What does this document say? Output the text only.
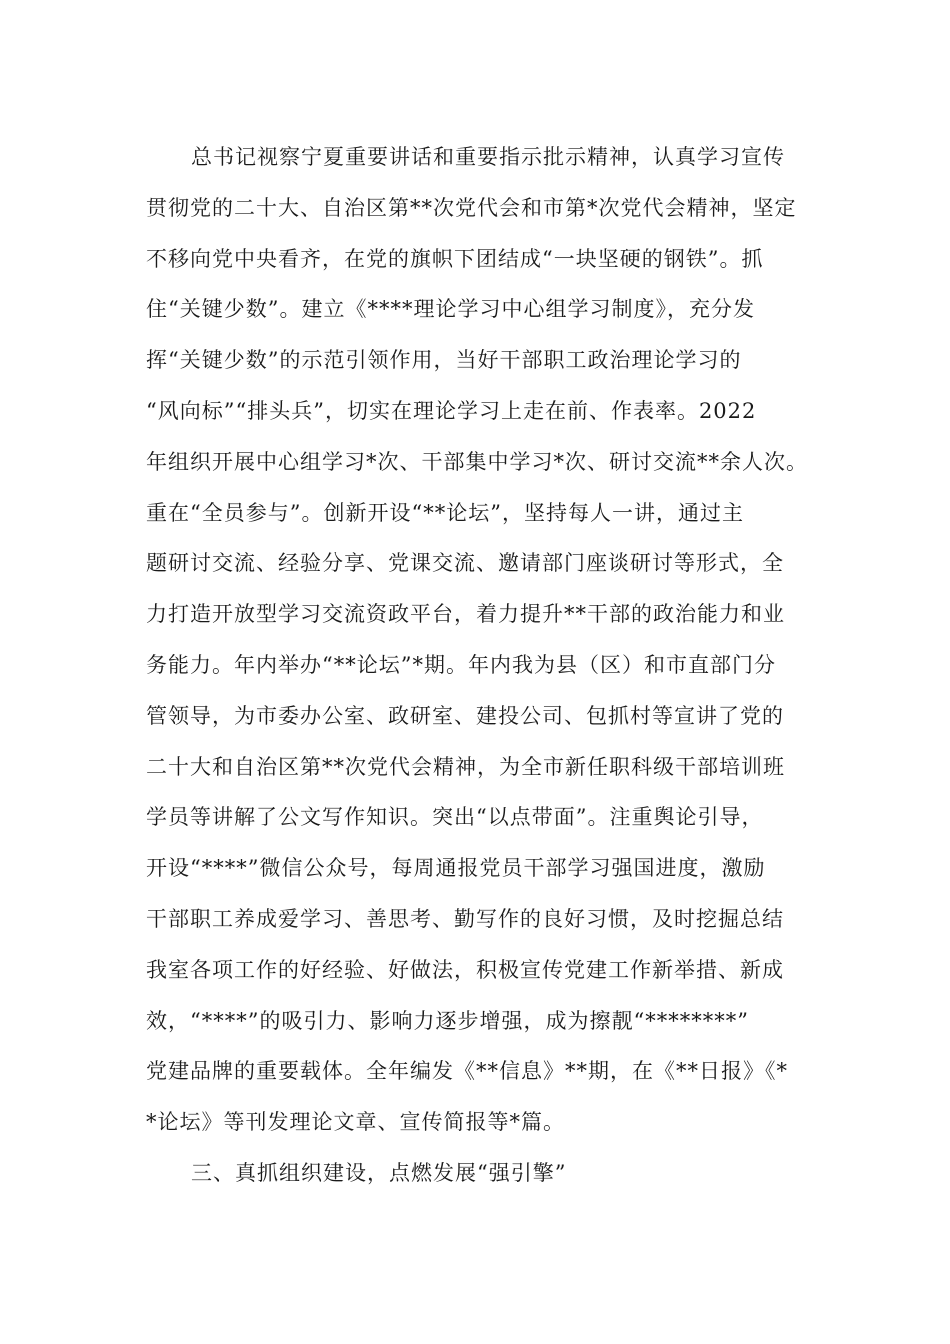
总书记视察宁夏重要讲话和重要指示批示精神，认真学习宣传
贯彻党的二十大、自治区第**次党代会和市第*次党代会精神，坚定
不移向党中央看齐，在党的旗帜下团结成“一块坚硬的钢铁”。抓
住“关键少数”。建立《****理论学习中心组学习制度》，充分发
挥“关键少数”的示范引领作用，当好干部职工政治理论学习的
“风向标”“排头兵”，切实在理论学习上走在前、作表率。2022
年组织开展中心组学习*次、干部集中学习*次、研讨交流**余人次。
重在“全员参与”。创新开设“**论坛”，坚持每人一讲，通过主
题研讨交流、经验分享、党课交流、邀请部门座谈研讨等形式，全
力打造开放型学习交流资政平台，着力提升**干部的政治能力和业
务能力。年内举办“**论坛”*期。年内我为县（区）和市直部门分
管领导，为市委办公室、政研室、建投公司、包抓村等宣讲了党的
二十大和自治区第**次党代会精神，为全市新任职科级干部培训班
学员等讲解了公文写作知识。突出“以点带面”。注重舆论引导，
开设“****”微信公众号，每周通报党员干部学习强国进度，激励
干部职工养成爱学习、善思考、勤写作的良好习惯，及时挖掘总结
我室各项工作的好经验、好做法，积极宣传党建工作新举措、新成
效，“****”的吸引力、影响力逐步增强，成为擦靓“********”
党建品牌的重要载体。全年编发《**信息》**期，在《**日报》《*
*论坛》等刊发理论文章、宣传简报等*篇。
三、真抓组织建设，点燃发展“强引擎”
